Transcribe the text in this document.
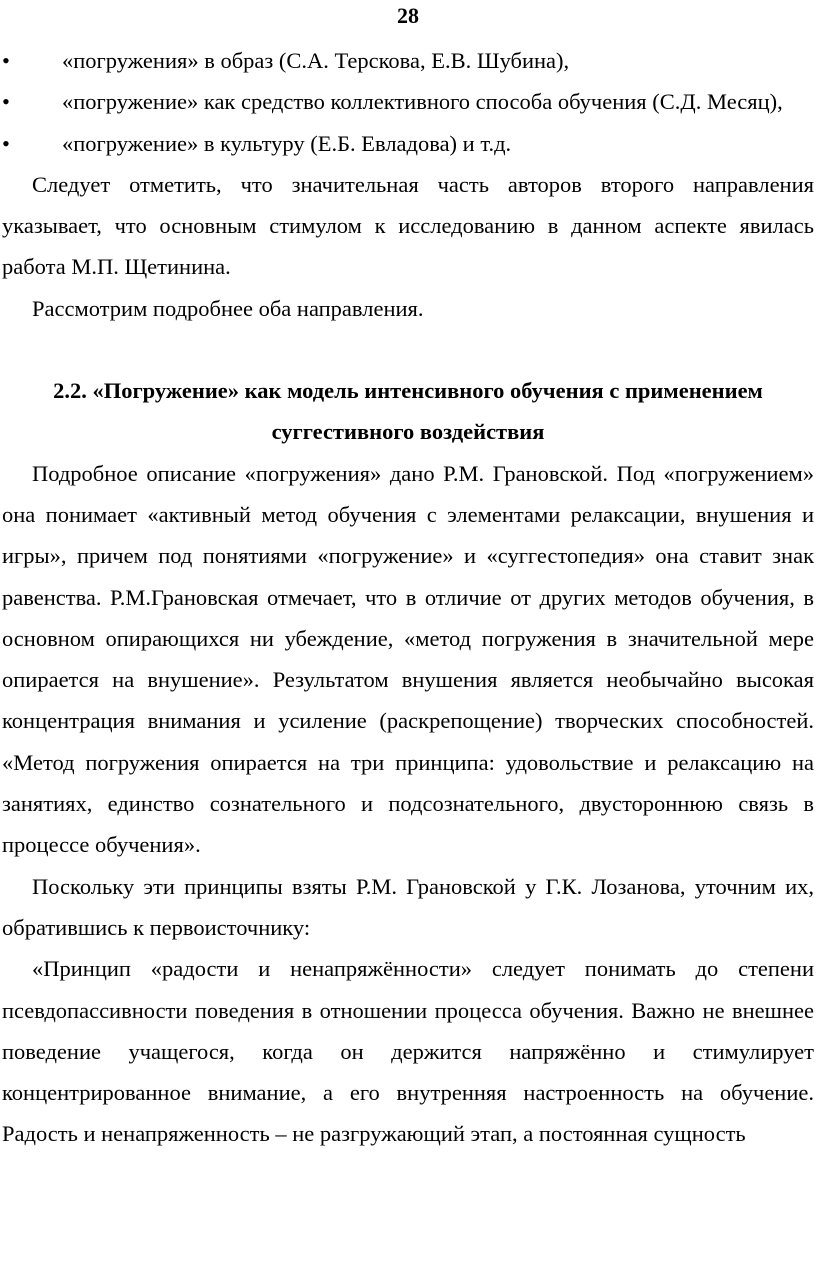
28

• «погружения» в образ (С.А. Терскова, Е.В. Шубина),

• «погружение» как средство коллективного способа обучения (С.Д. Месяц),

• «погружение» в культуру (Е.Б. Евладова) и т.д.

Следует отметить, что значительная часть авторов второго направления указывает, что основным стимулом к исследованию в данном аспекте явилась работа М.П. Щетинина.

Рассмотрим подробнее оба направления.

2.2. «Погружение» как модель интенсивного обучения с применением суггестивного воздействия

Подробное описание «погружения» дано Р.М. Грановской. Под «погружением» она понимает «активный метод обучения с элементами релаксации, внушения и игры», причем под понятиями «погружение» и «суггестопедия» она ставит знак равенства. Р.М.Грановская отмечает, что в отличие от других методов обучения, в основном опирающихся ни убеждение, «метод погружения в значительной мере опирается на внушение». Результатом внушения является необычайно высокая концентрация внимания и усиление (раскрепощение) творческих способностей. «Метод погружения опирается на три принципа: удовольствие и релаксацию на занятиях, единство сознательного и подсознательного, двустороннюю связь в процессе обучения».

Поскольку эти принципы взяты Р.М. Грановской у Г.К. Лозанова, уточним их, обратившись к первоисточнику:

«Принцип «радости и ненапряжённости» следует понимать до степени псевдопассивности поведения в отношении процесса обучения. Важно не внешнее поведение учащегося, когда он держится напряжённо и стимулирует концентрированное внимание, а его внутренняя настроенность на обучение. Радость и ненапряженность – не разгружающий этап, а постоянная сущность
